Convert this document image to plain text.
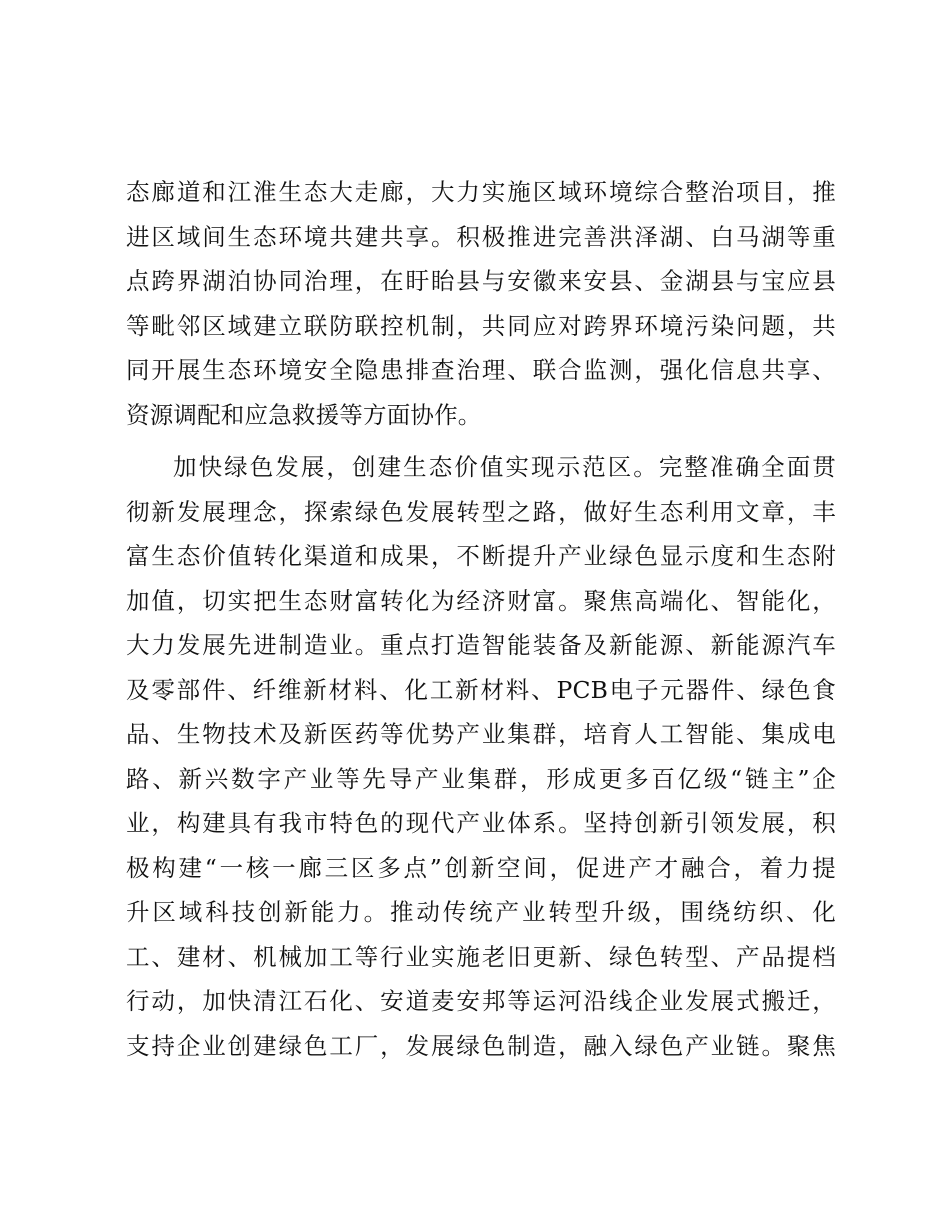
态廊道和江淮生态大走廊，大力实施区域环境综合整治项目，推
进区域间生态环境共建共享。积极推进完善洪泽湖、白马湖等重
点跨界湖泊协同治理，在盱眙县与安徽来安县、金湖县与宝应县
等毗邻区域建立联防联控机制，共同应对跨界环境污染问题，共
同开展生态环境安全隐患排查治理、联合监测，强化信息共享、
资源调配和应急救援等方面协作。
加快绿色发展，创建生态价值实现示范区。完整准确全面贯
彻新发展理念，探索绿色发展转型之路，做好生态利用文章，丰
富生态价值转化渠道和成果，不断提升产业绿色显示度和生态附
加值，切实把生态财富转化为经济财富。聚焦高端化、智能化，
大力发展先进制造业。重点打造智能装备及新能源、新能源汽车
及零部件、纤维新材料、化工新材料、PCB电子元器件、绿色食
品、生物技术及新医药等优势产业集群，培育人工智能、集成电
路、新兴数字产业等先导产业集群，形成更多百亿级“链主”企
业，构建具有我市特色的现代产业体系。坚持创新引领发展，积
极构建“一核一廊三区多点”创新空间，促进产才融合，着力提
升区域科技创新能力。推动传统产业转型升级，围绕纺织、化
工、建材、机械加工等行业实施老旧更新、绿色转型、产品提档
行动，加快清江石化、安道麦安邦等运河沿线企业发展式搬迁，
支持企业创建绿色工厂，发展绿色制造，融入绿色产业链。聚焦
